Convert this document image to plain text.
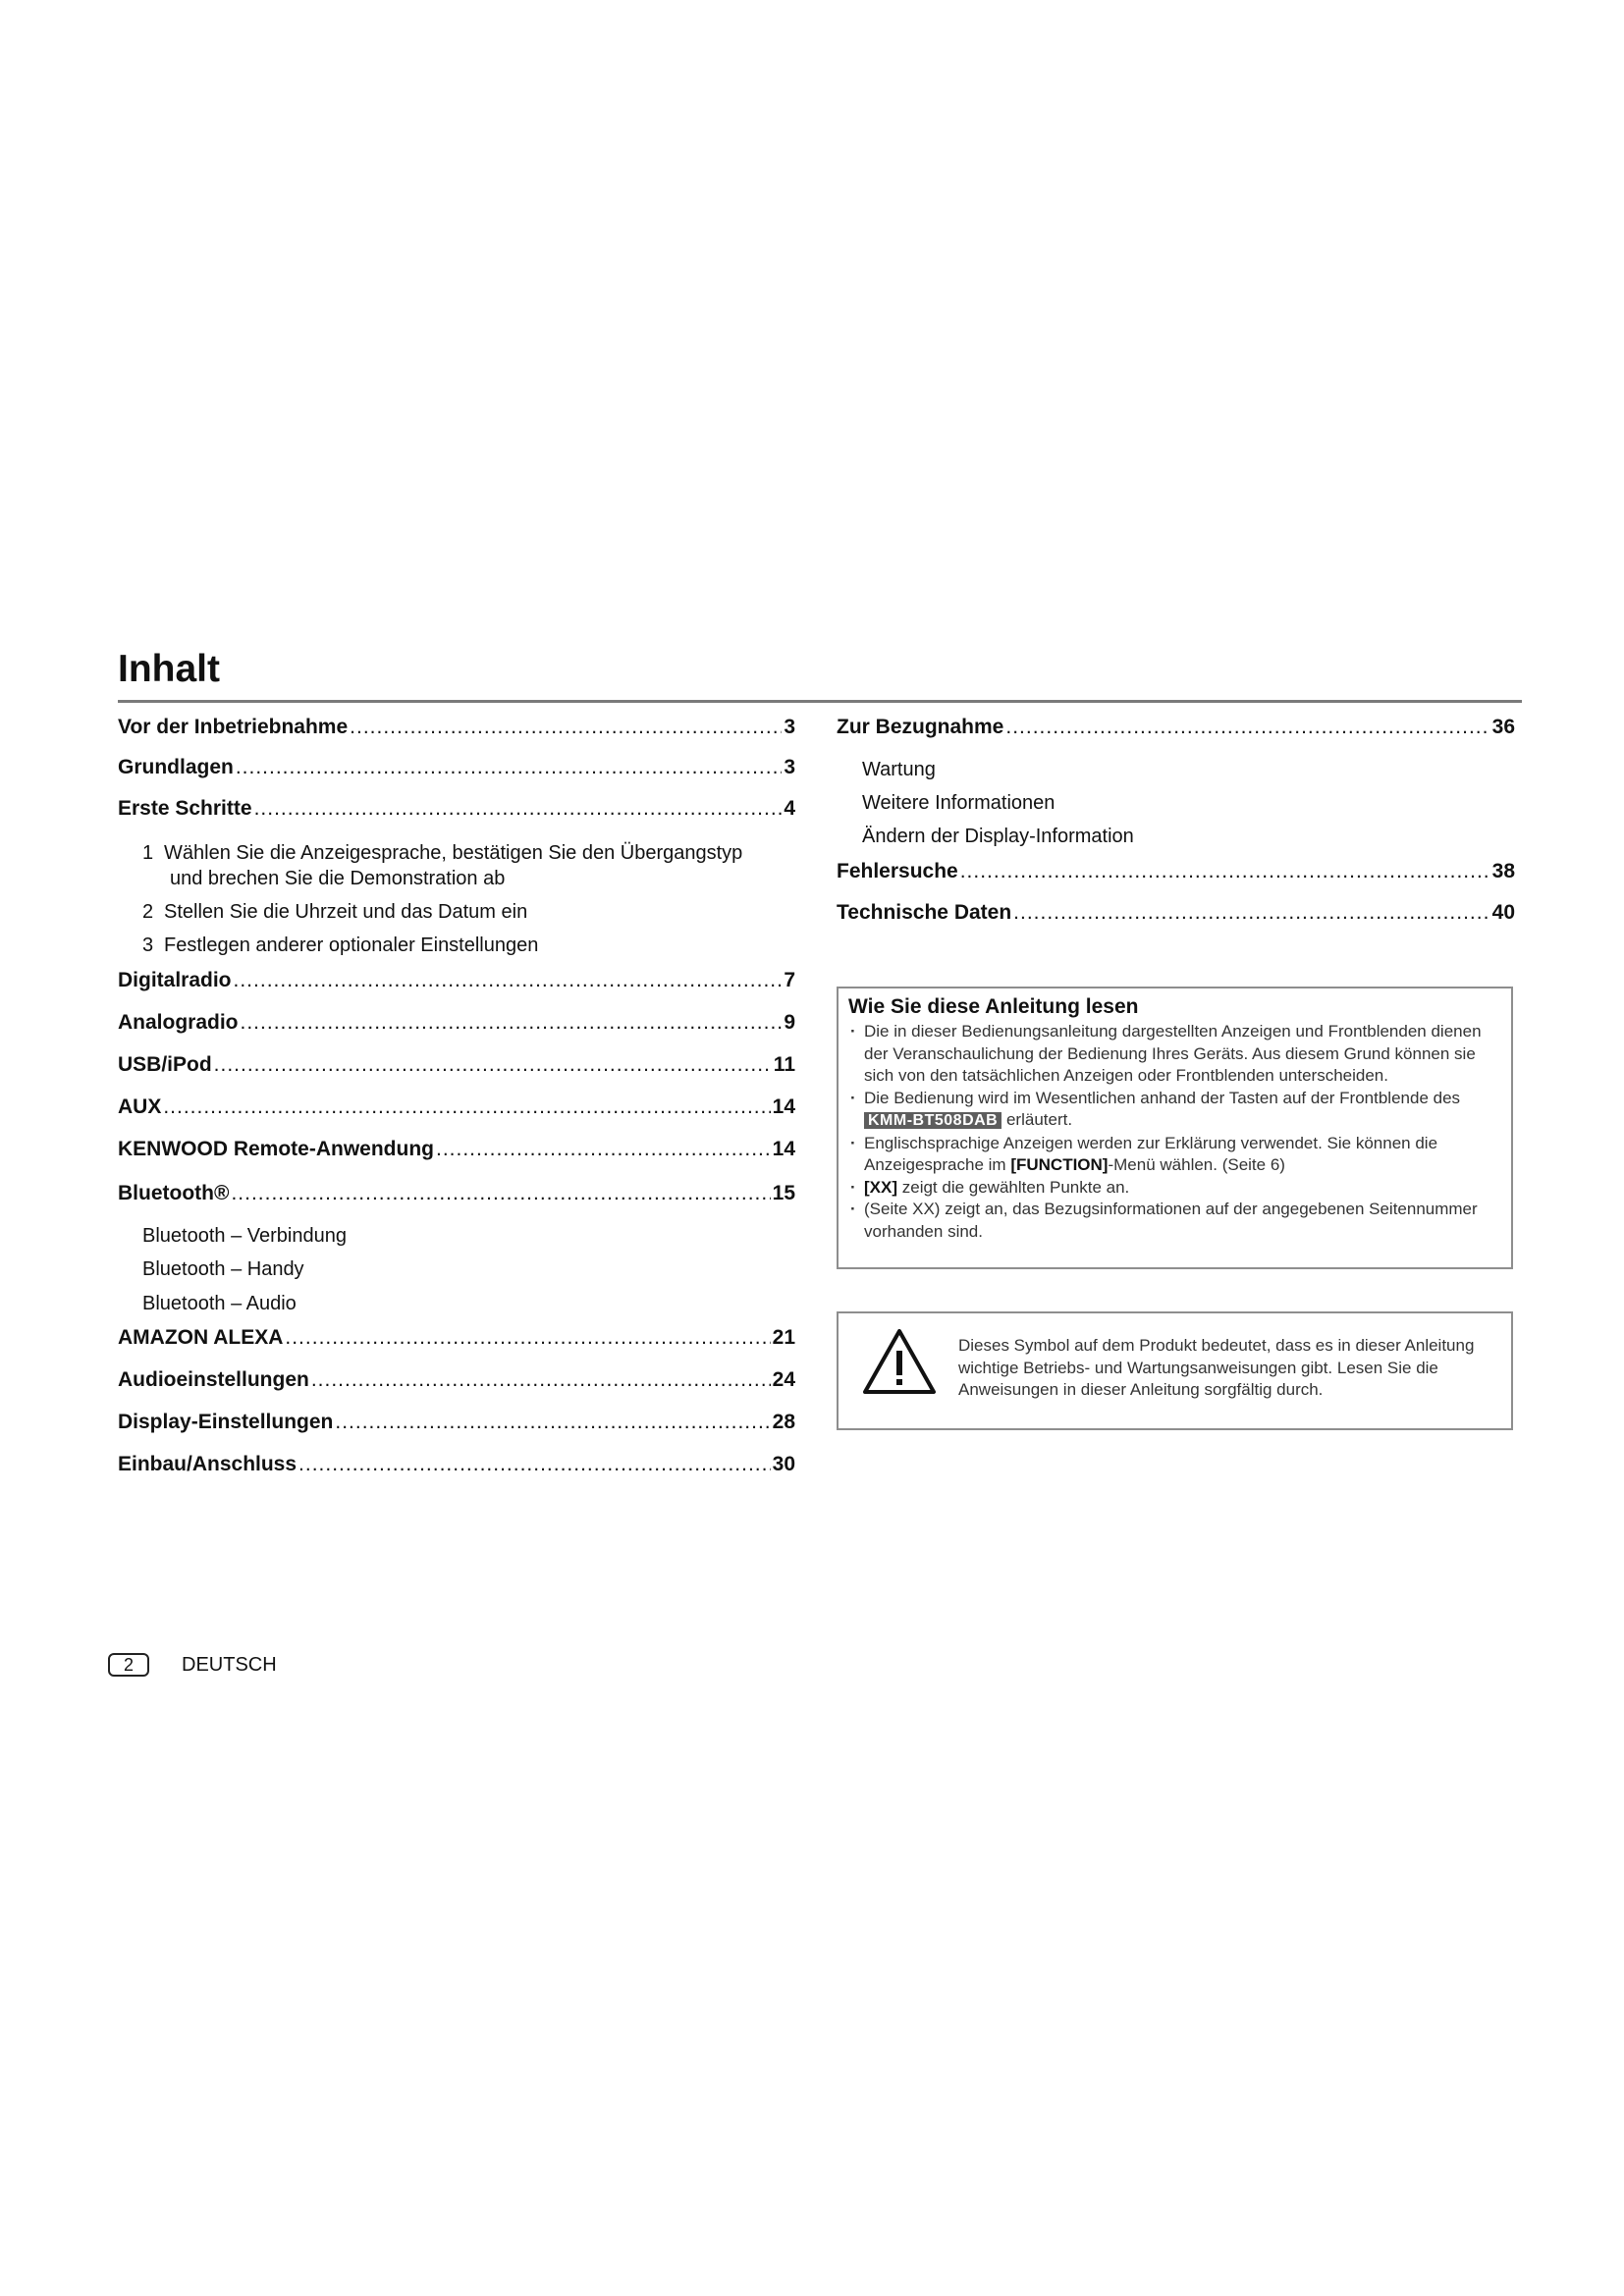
Inhalt
Vor der Inbetriebnahme .....	3
Grundlagen .....	3
Erste Schritte .....	4
1 Wählen Sie die Anzeigesprache, bestätigen Sie den Übergangstyp
und brechen Sie die Demonstration ab
2 Stellen Sie die Uhrzeit und das Datum ein
3 Festlegen anderer optionaler Einstellungen
Digitalradio .....	7
Analogradio .....	9
USB/iPod .....	11
AUX .....	14
KENWOOD Remote-Anwendung .....	14
Bluetooth® .....	15
Bluetooth – Verbindung
Bluetooth – Handy
Bluetooth – Audio
AMAZON ALEXA .....	21
Audioeinstellungen .....	24
Display-Einstellungen .....	28
Einbau/Anschluss .....	30
Zur Bezugnahme .....	36
Wartung
Weitere Informationen
Ändern der Display-Information
Fehlersuche .....	38
Technische Daten .....	40
Wie Sie diese Anleitung lesen
· Die in dieser Bedienungsanleitung dargestellten Anzeigen und Frontblenden dienen der Veranschaulichung der Bedienung Ihres Geräts. Aus diesem Grund können sie sich von den tatsächlichen Anzeigen oder Frontblenden unterscheiden.
· Die Bedienung wird im Wesentlichen anhand der Tasten auf der Frontblende des KMM-BT508DAB erläutert.
· Englischsprachige Anzeigen werden zur Erklärung verwendet. Sie können die Anzeigesprache im [FUNCTION]-Menü wählen. (Seite 6)
· [XX] zeigt die gewählten Punkte an.
· (Seite XX) zeigt an, das Bezugsinformationen auf der angegebenen Seitennummer vorhanden sind.
Dieses Symbol auf dem Produkt bedeutet, dass es in dieser Anleitung wichtige Betriebs- und Wartungsanweisungen gibt. Lesen Sie die Anweisungen in dieser Anleitung sorgfältig durch.
2	DEUTSCH
